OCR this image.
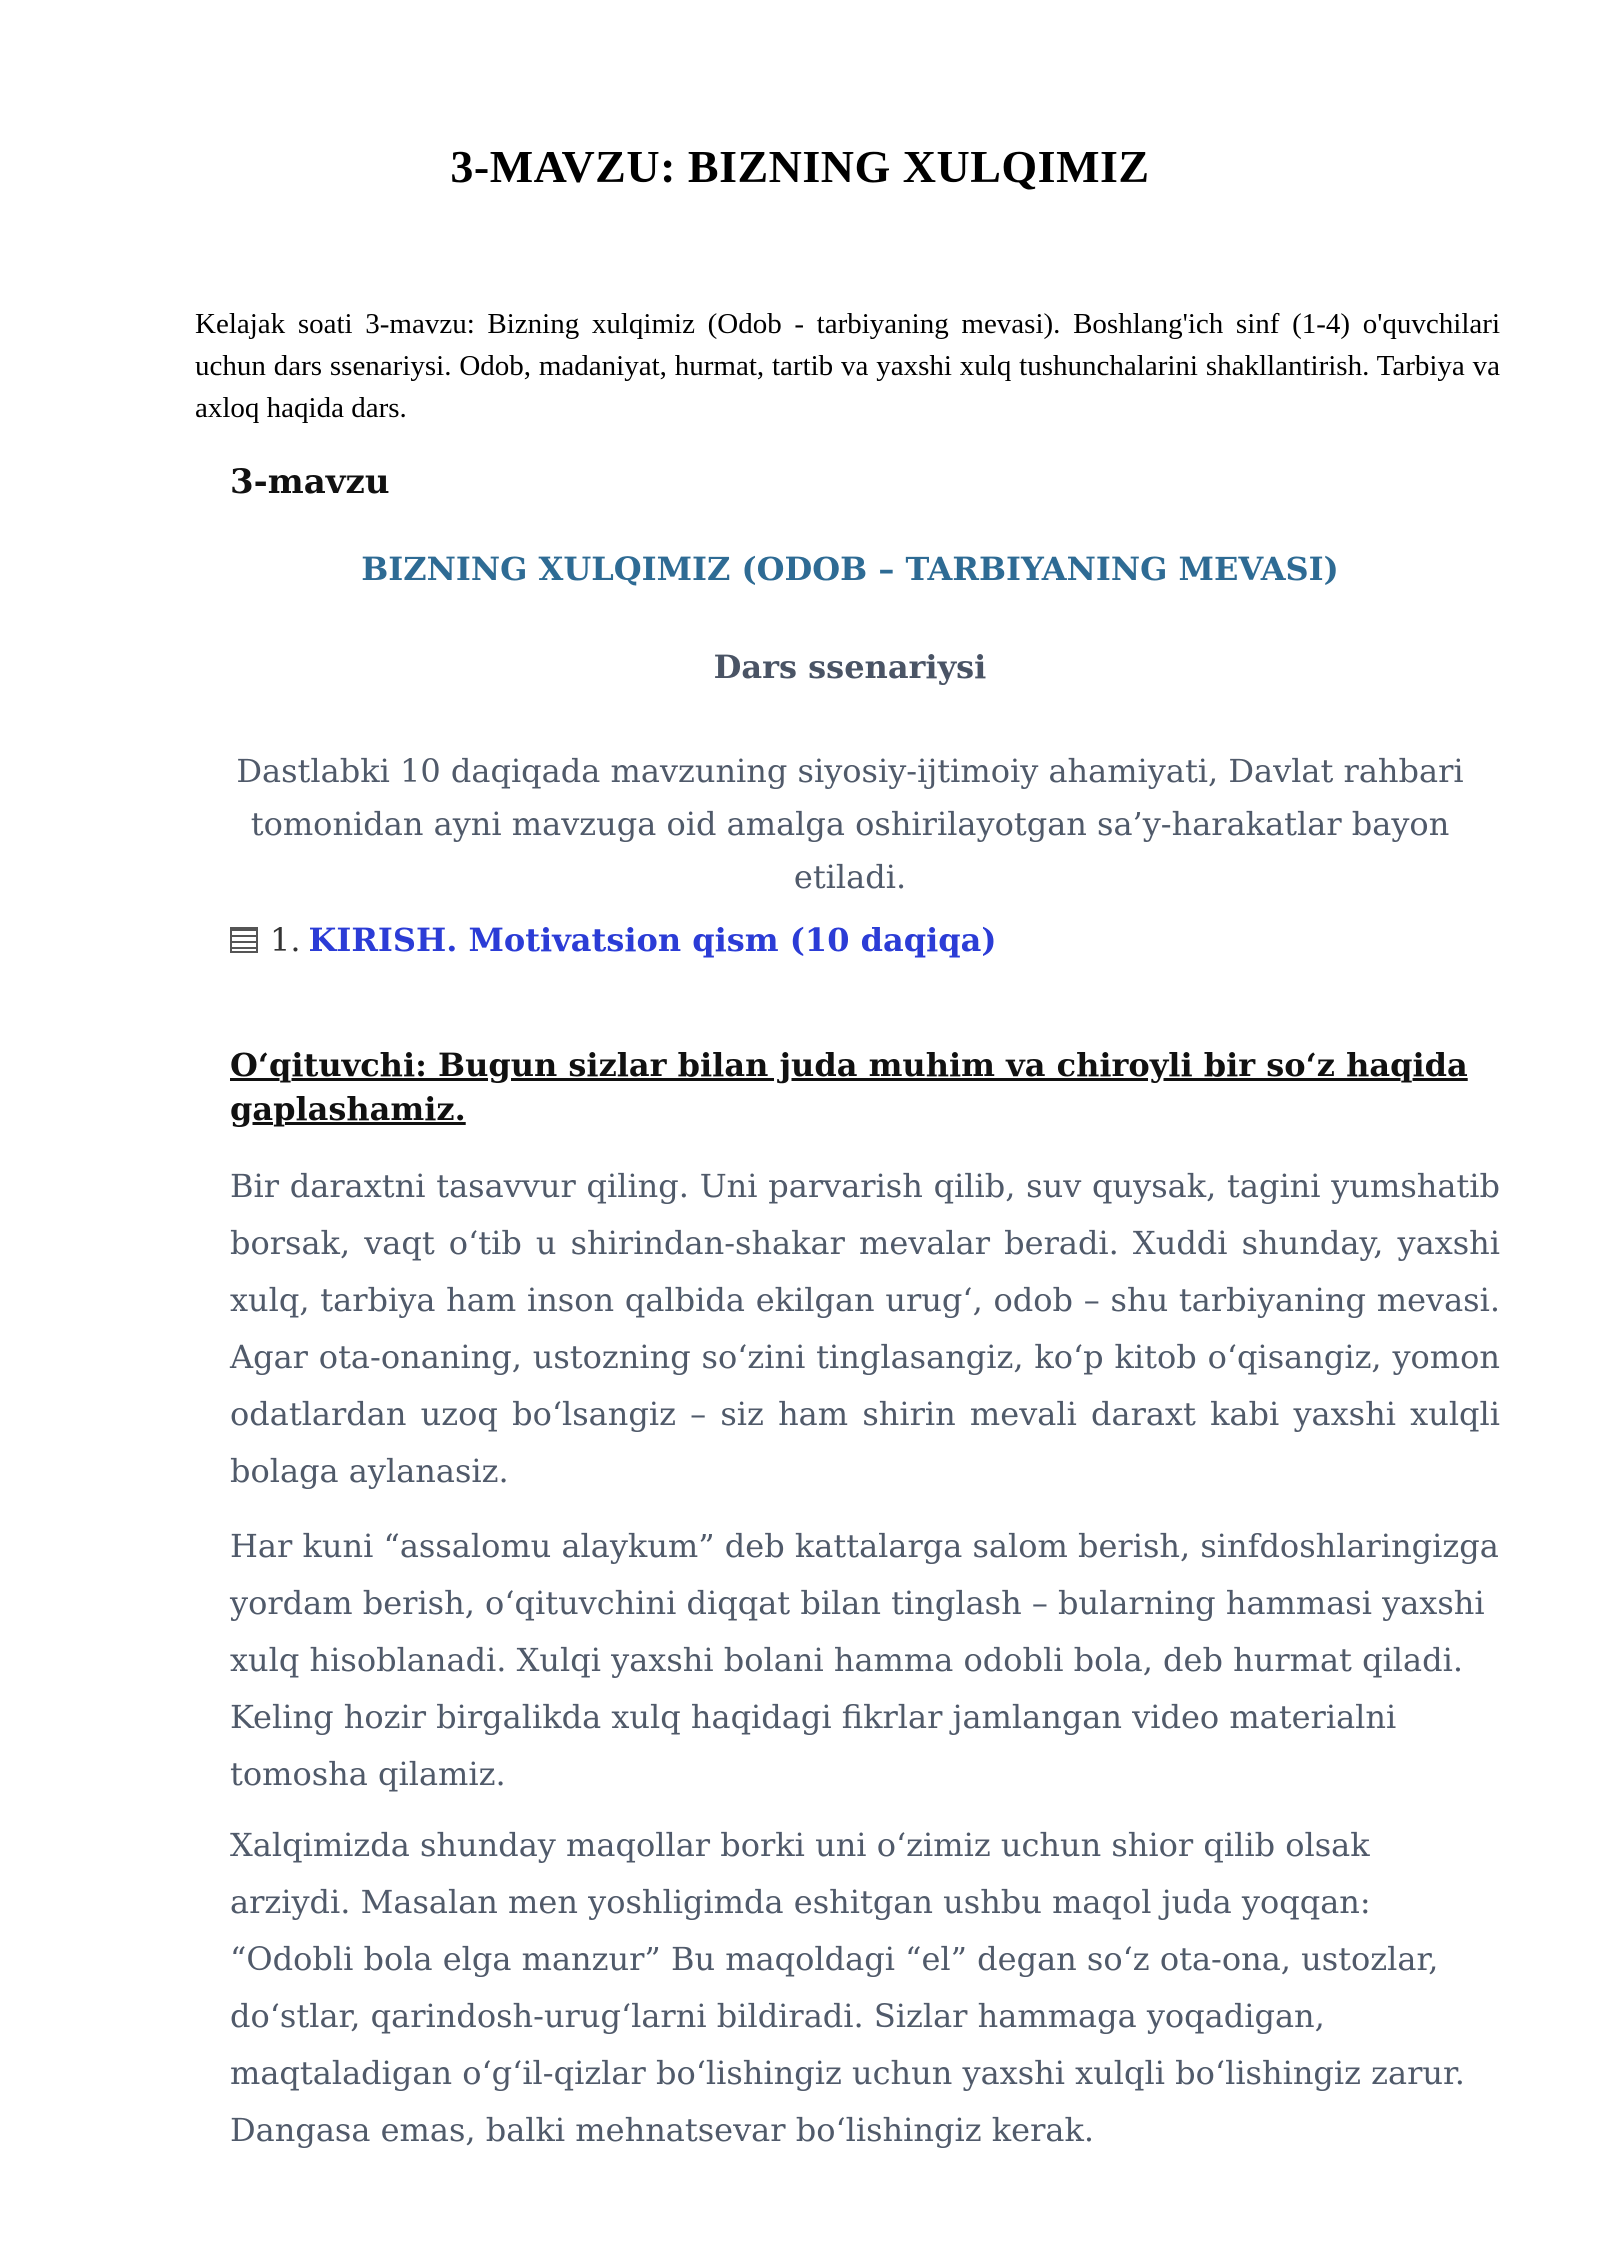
3-MAVZU: BIZNING XULQIMIZ

Kelajak soati 3-mavzu: Bizning xulqimiz (Odob - tarbiyaning mevasi). Boshlang'ich sinf (1-4) o'quvchilari uchun dars ssenariysi. Odob, madaniyat, hurmat, tartib va yaxshi xulq tushunchalarini shakllantirish. Tarbiya va axloq haqida dars.

3-mavzu
BIZNING XULQIMIZ (ODOB – TARBIYANING MEVASI)
Dars ssenariysi
Dastlabki 10 daqiqada mavzuning siyosiy-ijtimoiy ahamiyati, Davlat rahbari tomonidan ayni mavzuga oid amalga oshirilayotgan sa’y-harakatlar bayon etiladi.
1. KIRISH. Motivatsion qism (10 daqiqa)
O‘qituvchi: Bugun sizlar bilan juda muhim va chiroyli bir so‘z haqida gaplashamiz.

Bir daraxtni tasavvur qiling. Uni parvarish qilib, suv quysak, tagini yumshatib borsak, vaqt o‘tib u shirindan-shakar mevalar beradi. Xuddi shunday, yaxshi xulq, tarbiya ham inson qalbida ekilgan urug‘, odob – shu tarbiyaning mevasi. Agar ota-onaning, ustozning so‘zini tinglasangiz, ko‘p kitob o‘qisangiz, yomon odatlardan uzoq bo‘lsangiz – siz ham shirin mevali daraxt kabi yaxshi xulqli bolaga aylanasiz.

Har kuni “assalomu alaykum” deb kattalarga salom berish, sinfdoshlaringizga yordam berish, o‘qituvchini diqqat bilan tinglash – bularning hammasi yaxshi xulq hisoblanadi. Xulqi yaxshi bolani hamma odobli bola, deb hurmat qiladi. Keling hozir birgalikda xulq haqidagi fikrlar jamlangan video materialni tomosha qilamiz.

Xalqimizda shunday maqollar borki uni o‘zimiz uchun shior qilib olsak arziydi. Masalan men yoshligimda eshitgan ushbu maqol juda yoqqan: “Odobli bola elga manzur” Bu maqoldagi “el” degan so‘z ota-ona, ustozlar, do‘stlar, qarindosh-urug‘larni bildiradi. Sizlar hammaga yoqadigan, maqtaladigan o‘g‘il-qizlar bo‘lishingiz uchun yaxshi xulqli bo‘lishingiz zarur. Dangasa emas, balki mehnatsevar bo‘lishingiz kerak.
